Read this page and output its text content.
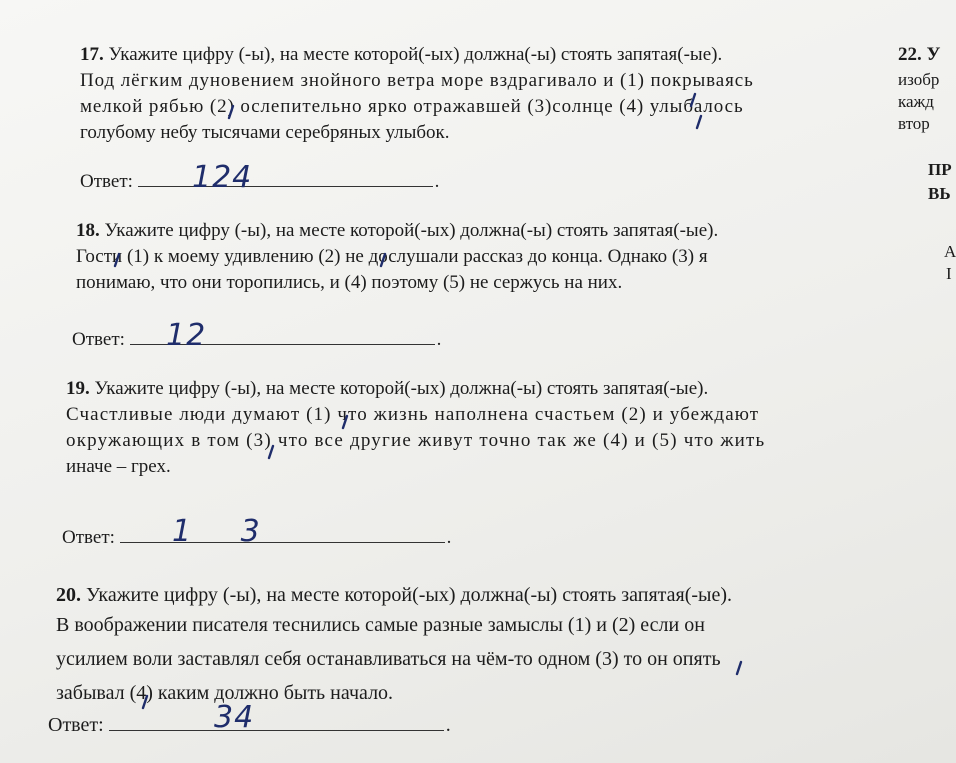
17. Укажите цифру (-ы), на месте которой(-ых) должна(-ы) стоять запятая(-ые).

Под лёгким дуновением знойного ветра море вздрагивало и (1) покрываясь

мелкой рябью (2) ослепительно ярко отражавшей (3)солнце (4) улыбалось

голубому небу тысячами серебряных улыбок.

Ответ:	.
124

18. Укажите цифру (-ы), на месте которой(-ых) должна(-ы) стоять запятая(-ые).

Гости (1) к моему удивлению (2) не дослушали рассказ до конца. Однако (3) я

понимаю, что они торопились, и (4) поэтому (5) не сержусь на них.

Ответ:	.
12

19. Укажите цифру (-ы), на месте которой(-ых) должна(-ы) стоять запятая(-ые).

Счастливые люди думают (1) что жизнь наполнена счастьем (2) и убеждают

окружающих в том (3) что все другие живут точно так же (4) и (5) что жить

иначе – грех.

Ответ:	.
1 3

20. Укажите цифру (-ы), на месте которой(-ых) должна(-ы) стоять запятая(-ые).

В воображении писателя теснились самые разные замыслы (1) и (2) если он

усилием воли заставлял себя останавливаться на чём-то одном (3) то он опять

забывал (4) каким должно быть начало.

Ответ:	.
34
22. У
изобр
кажд
втор
ПР
ВЬ
А
І
